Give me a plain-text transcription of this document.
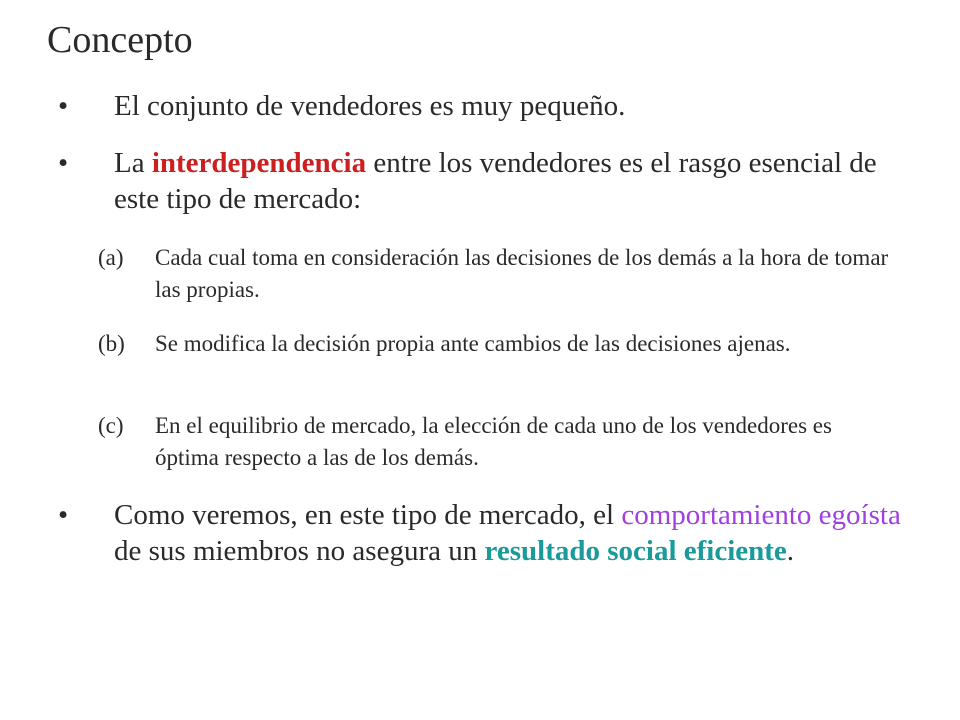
Concepto
• El conjunto de vendedores es muy pequeño.
• La interdependencia entre los vendedores es el rasgo esencial de este tipo de mercado:
(a) Cada cual toma en consideración las decisiones de los demás a la hora de tomar las propias.
(b) Se modifica la decisión propia ante cambios de las decisiones ajenas.
(c) En el equilibrio de mercado, la elección de cada uno de los vendedores es óptima respecto a las de los demás.
• Como veremos, en este tipo de mercado, el comportamiento egoísta de sus miembros no asegura un resultado social eficiente.
